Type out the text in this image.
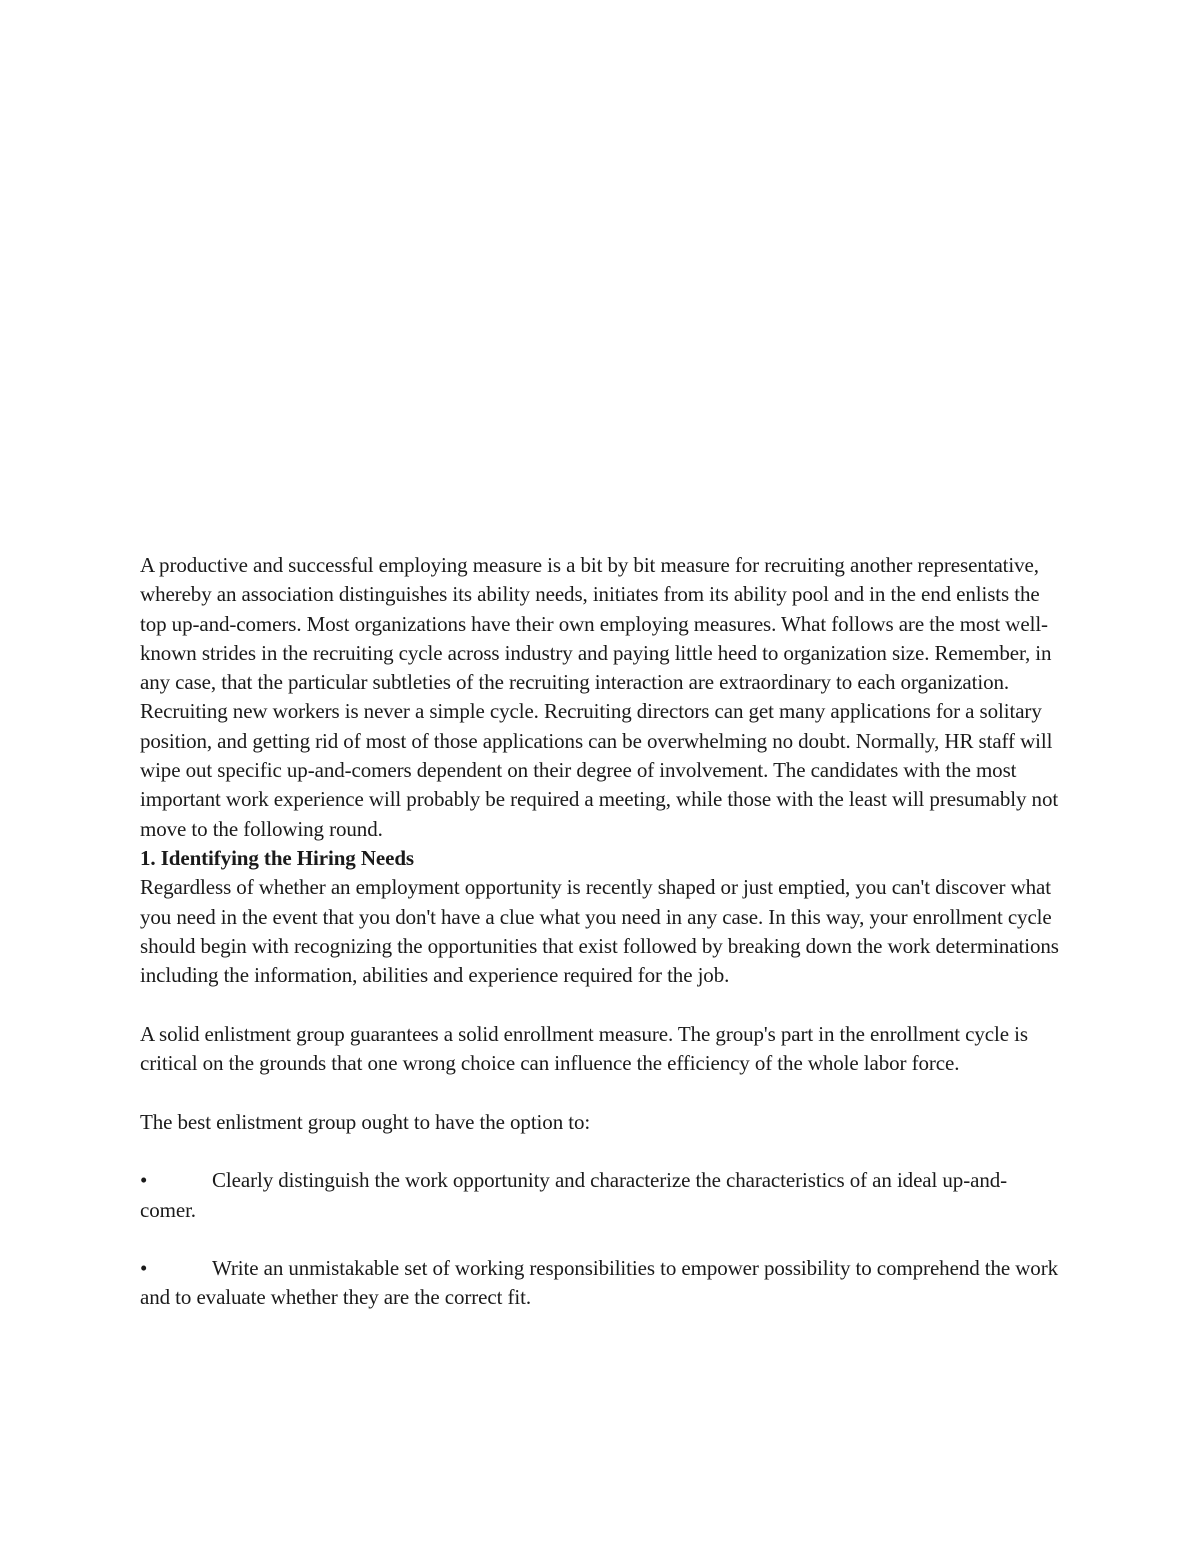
A productive and successful employing measure is a bit by bit measure for recruiting another representative, whereby an association distinguishes its ability needs, initiates from its ability pool and in the end enlists the top up-and-comers. Most organizations have their own employing measures. What follows are the most well-known strides in the recruiting cycle across industry and paying little heed to organization size. Remember, in any case, that the particular subtleties of the recruiting interaction are extraordinary to each organization. Recruiting new workers is never a simple cycle. Recruiting directors can get many applications for a solitary position, and getting rid of most of those applications can be overwhelming no doubt. Normally, HR staff will wipe out specific up-and-comers dependent on their degree of involvement. The candidates with the most important work experience will probably be required a meeting, while those with the least will presumably not move to the following round.

1. Identifying the Hiring Needs

Regardless of whether an employment opportunity is recently shaped or just emptied, you can't discover what you need in the event that you don't have a clue what you need in any case. In this way, your enrollment cycle should begin with recognizing the opportunities that exist followed by breaking down the work determinations including the information, abilities and experience required for the job.

A solid enlistment group guarantees a solid enrollment measure. The group's part in the enrollment cycle is critical on the grounds that one wrong choice can influence the efficiency of the whole labor force.

The best enlistment group ought to have the option to:

•	Clearly distinguish the work opportunity and characterize the characteristics of an ideal up-and-comer.

•	Write an unmistakable set of working responsibilities to empower possibility to comprehend the work and to evaluate whether they are the correct fit.
